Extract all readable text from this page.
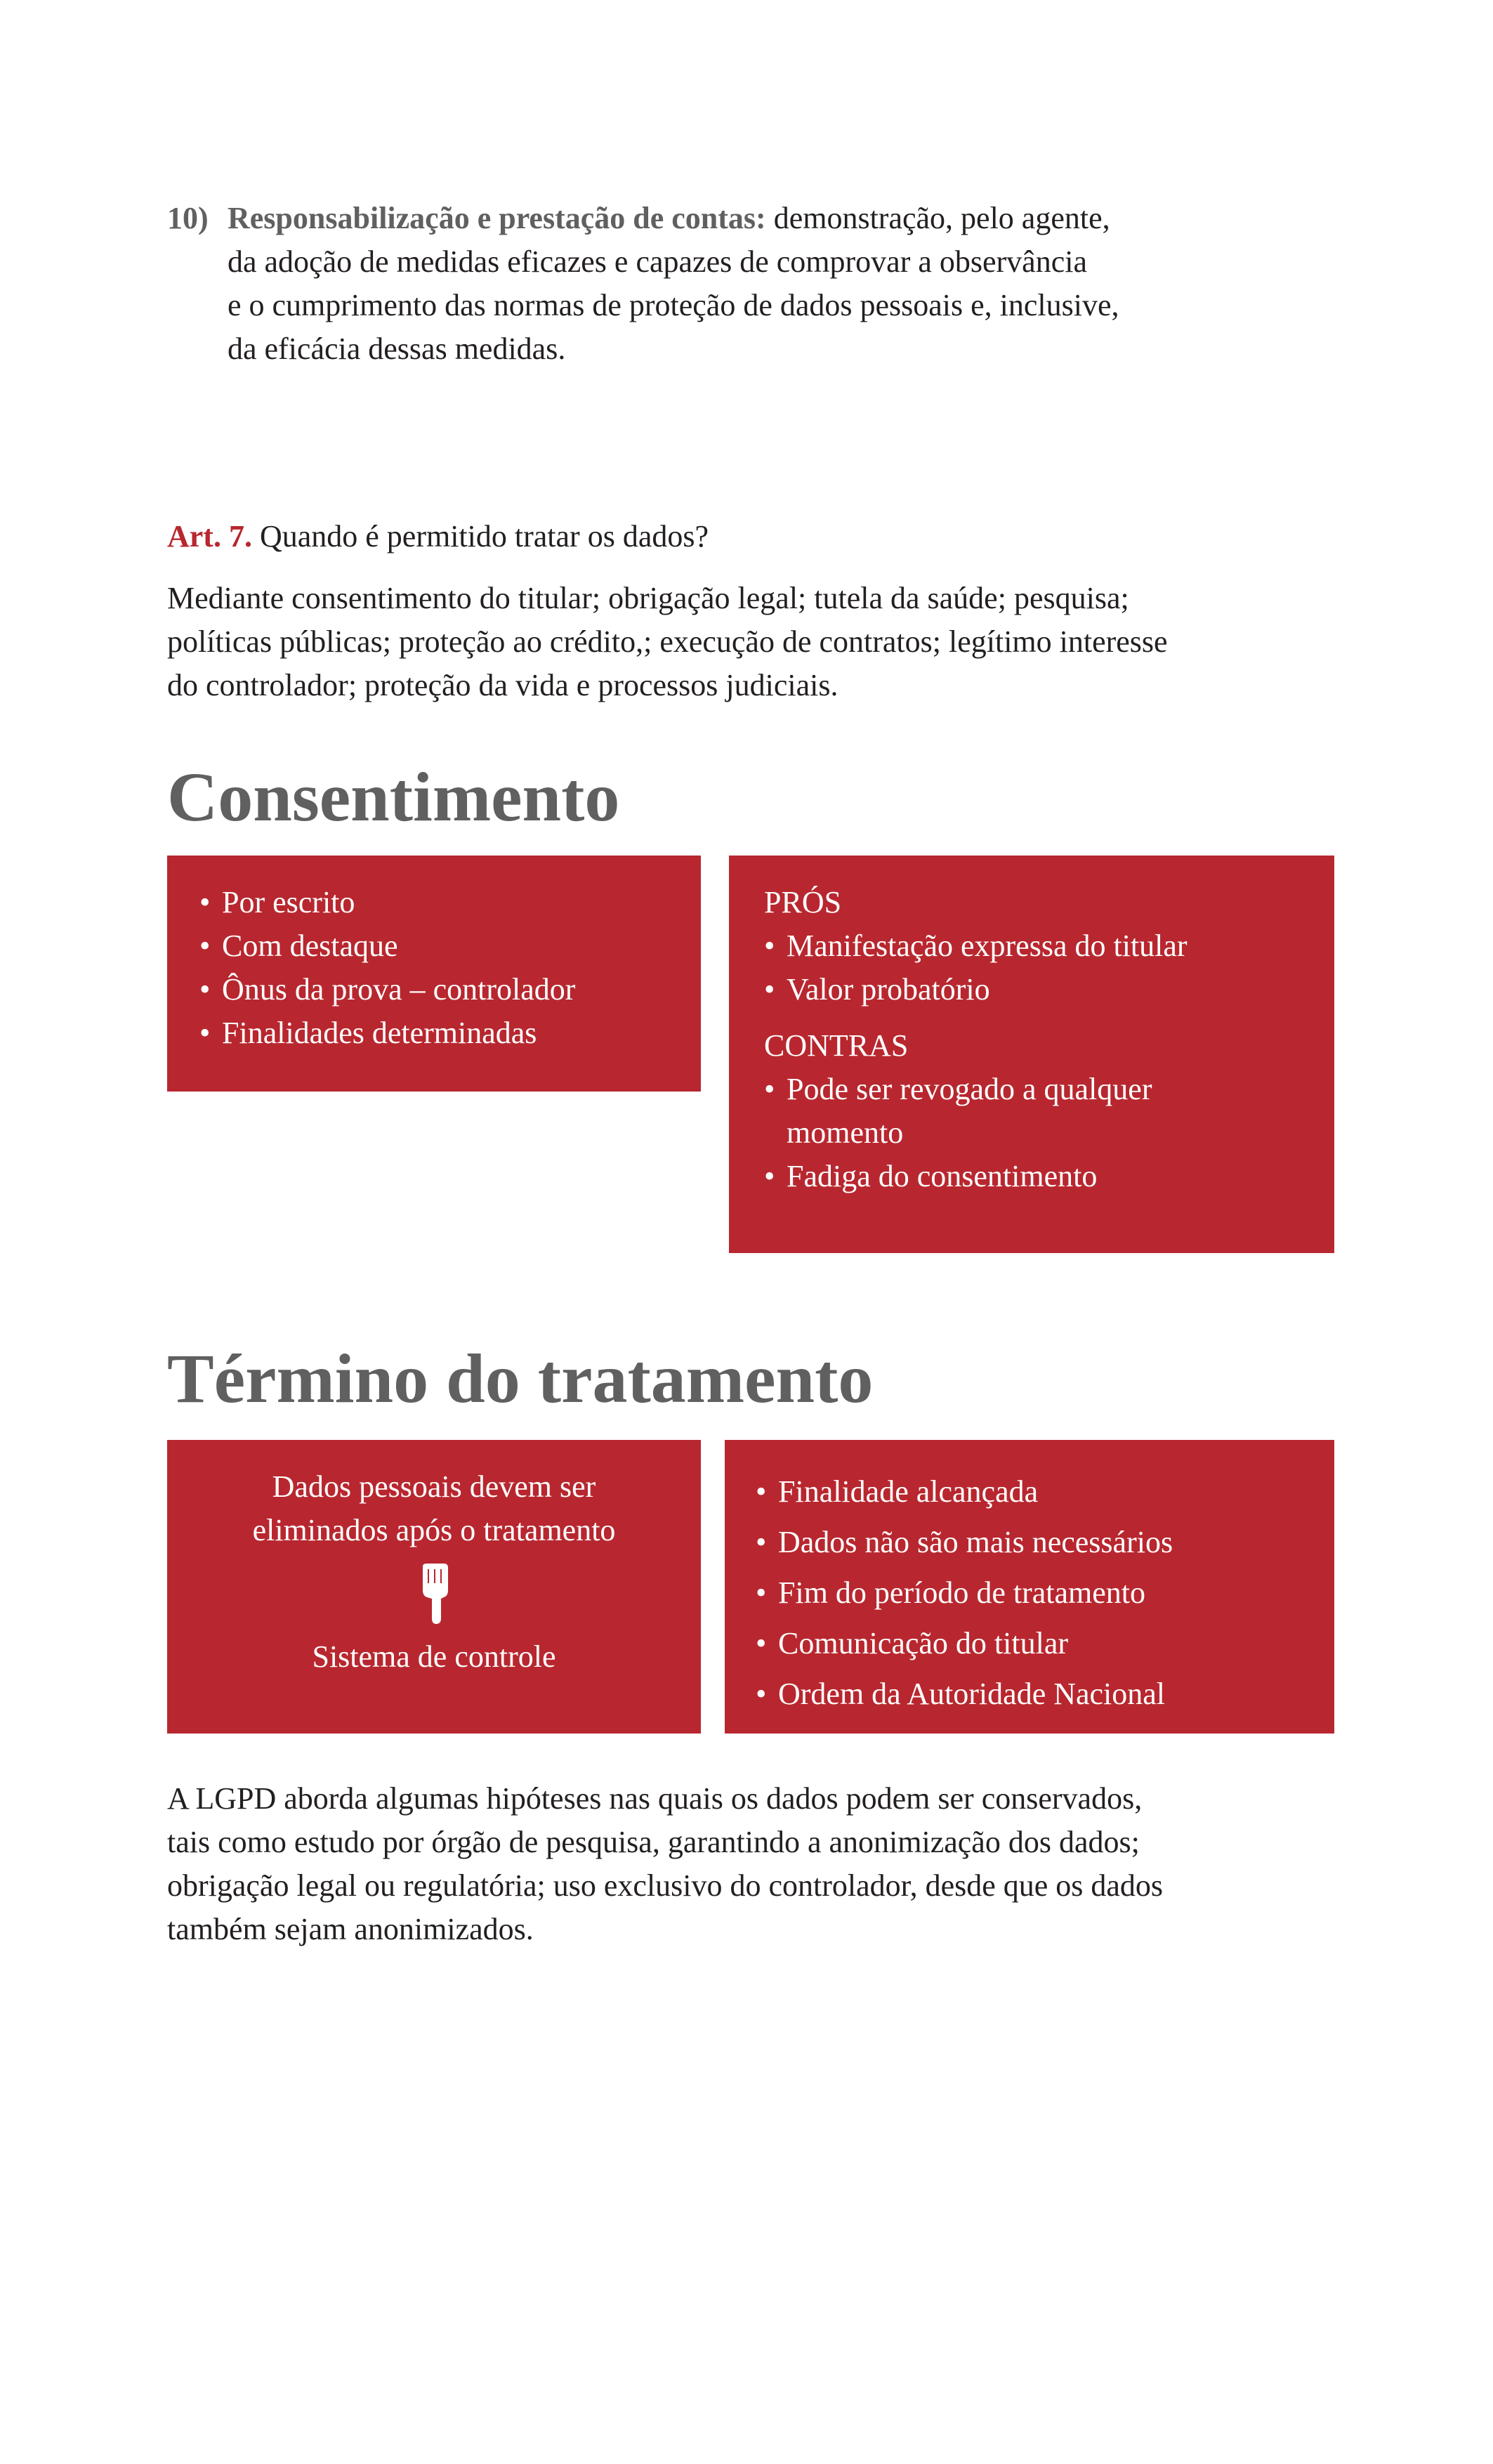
10) Responsabilização e prestação de contas: demonstração, pelo agente,
da adoção de medidas eficazes e capazes de comprovar a observância
e o cumprimento das normas de proteção de dados pessoais e, inclusive,
da eficácia dessas medidas.
Art. 7. Quando é permitido tratar os dados?
Mediante consentimento do titular; obrigação legal; tutela da saúde; pesquisa;
políticas públicas; proteção ao crédito,; execução de contratos; legítimo interesse
do controlador; proteção da vida e processos judiciais.
Consentimento
• Por escrito
• Com destaque
• Ônus da prova – controlador
• Finalidades determinadas
PRÓS
• Manifestação expressa do titular
• Valor probatório
CONTRAS
• Pode ser revogado a qualquer momento
• Fadiga do consentimento
Término do tratamento
Dados pessoais devem ser
eliminados após o tratamento
Sistema de controle
• Finalidade alcançada
• Dados não são mais necessários
• Fim do período de tratamento
• Comunicação do titular
• Ordem da Autoridade Nacional
A LGPD aborda algumas hipóteses nas quais os dados podem ser conservados,
tais como estudo por órgão de pesquisa, garantindo a anonimização dos dados;
obrigação legal ou regulatória; uso exclusivo do controlador, desde que os dados
também sejam anonimizados.
